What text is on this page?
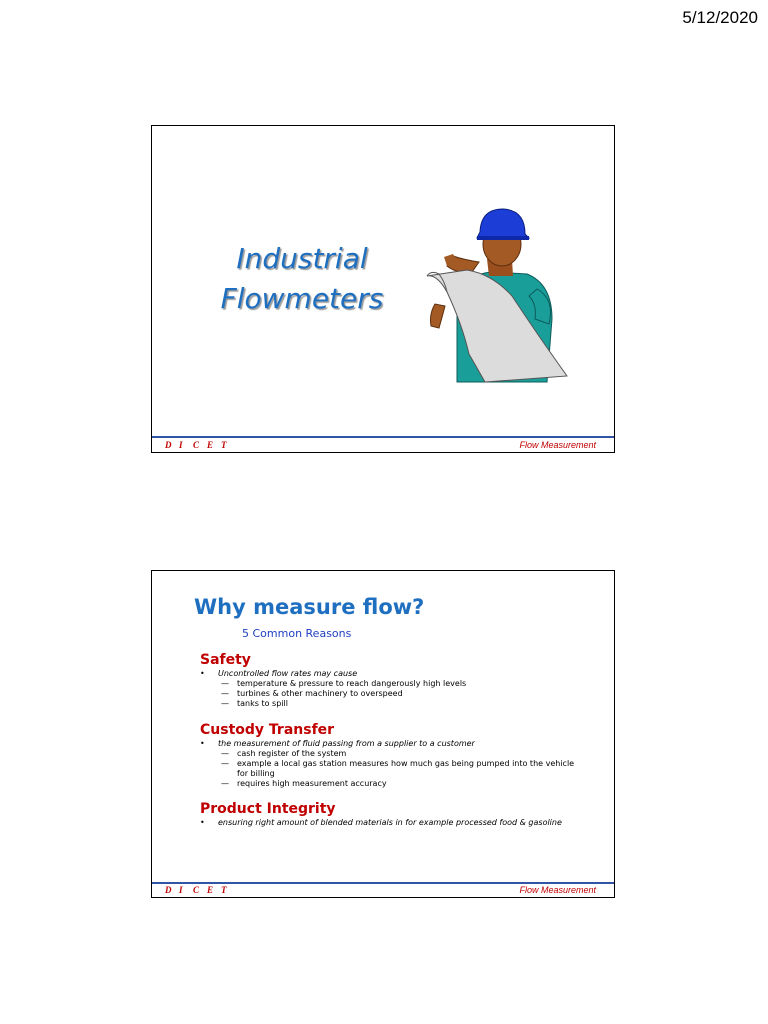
5/12/2020
Industrial Flowmeters
D I C E T	Flow Measurement
Why measure flow?
5 Common Reasons
Safety
• Uncontrolled flow rates may cause
— temperature & pressure to reach dangerously high levels
— turbines & other machinery to overspeed
— tanks to spill
Custody Transfer
• the measurement of fluid passing from a supplier to a customer
— cash register of the system
— example a local gas station measures how much gas being pumped into the vehicle for billing
— requires high measurement accuracy
Product Integrity
• ensuring right amount of blended materials in for example processed food & gasoline
D I C E T	Flow Measurement
